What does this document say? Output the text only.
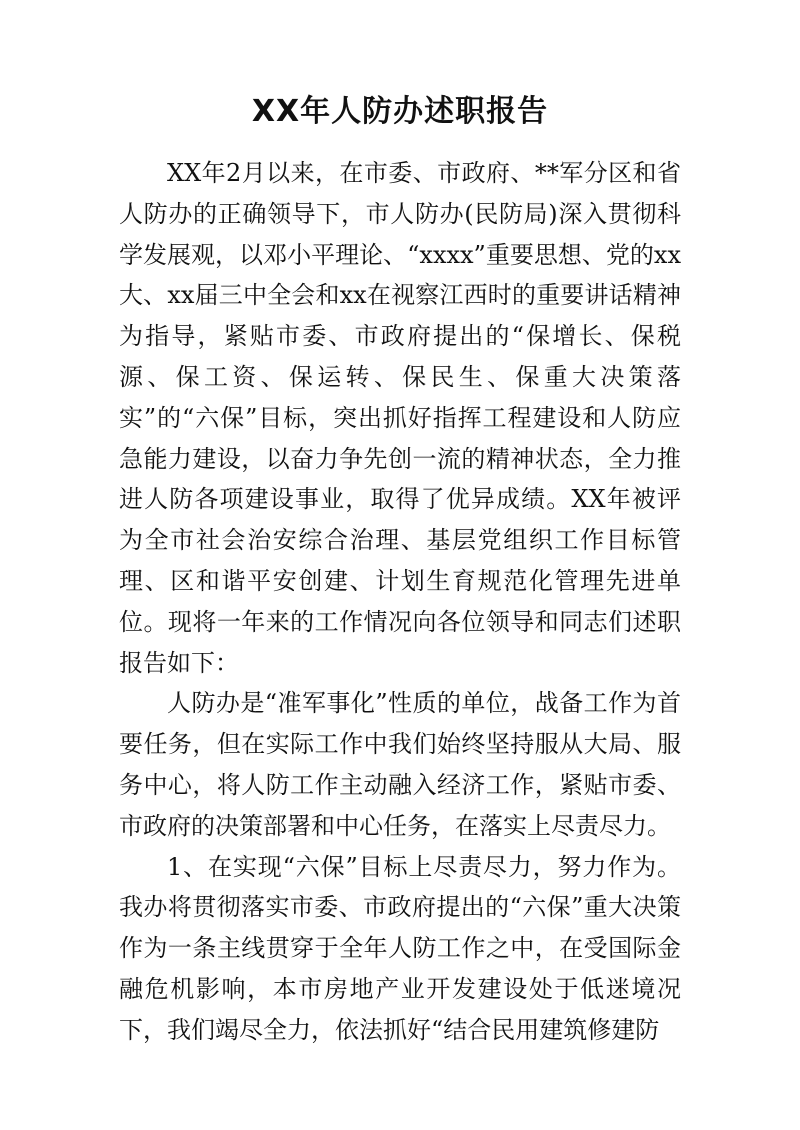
XX年人防办述职报告

XX年2月以来，在市委、市政府、**军分区和省人防办的正确领导下，市人防办(民防局)深入贯彻科学发展观，以邓小平理论、“xxxx”重要思想、党的xx大、xx届三中全会和xx在视察江西时的重要讲话精神为指导，紧贴市委、市政府提出的“保增长、保税源、保工资、保运转、保民生、保重大决策落实”的“六保”目标，突出抓好指挥工程建设和人防应急能力建设，以奋力争先创一流的精神状态，全力推进人防各项建设事业，取得了优异成绩。XX年被评为全市社会治安综合治理、基层党组织工作目标管理、区和谐平安创建、计划生育规范化管理先进单位。现将一年来的工作情况向各位领导和同志们述职报告如下：

人防办是“准军事化”性质的单位，战备工作为首要任务，但在实际工作中我们始终坚持服从大局、服务中心，将人防工作主动融入经济工作，紧贴市委、市政府的决策部署和中心任务，在落实上尽责尽力。

1、在实现“六保”目标上尽责尽力，努力作为。我办将贯彻落实市委、市政府提出的“六保”重大决策作为一条主线贯穿于全年人防工作之中，在受国际金融危机影响，本市房地产业开发建设处于低迷境况下，我们竭尽全力，依法抓好“结合民用建筑修建防
